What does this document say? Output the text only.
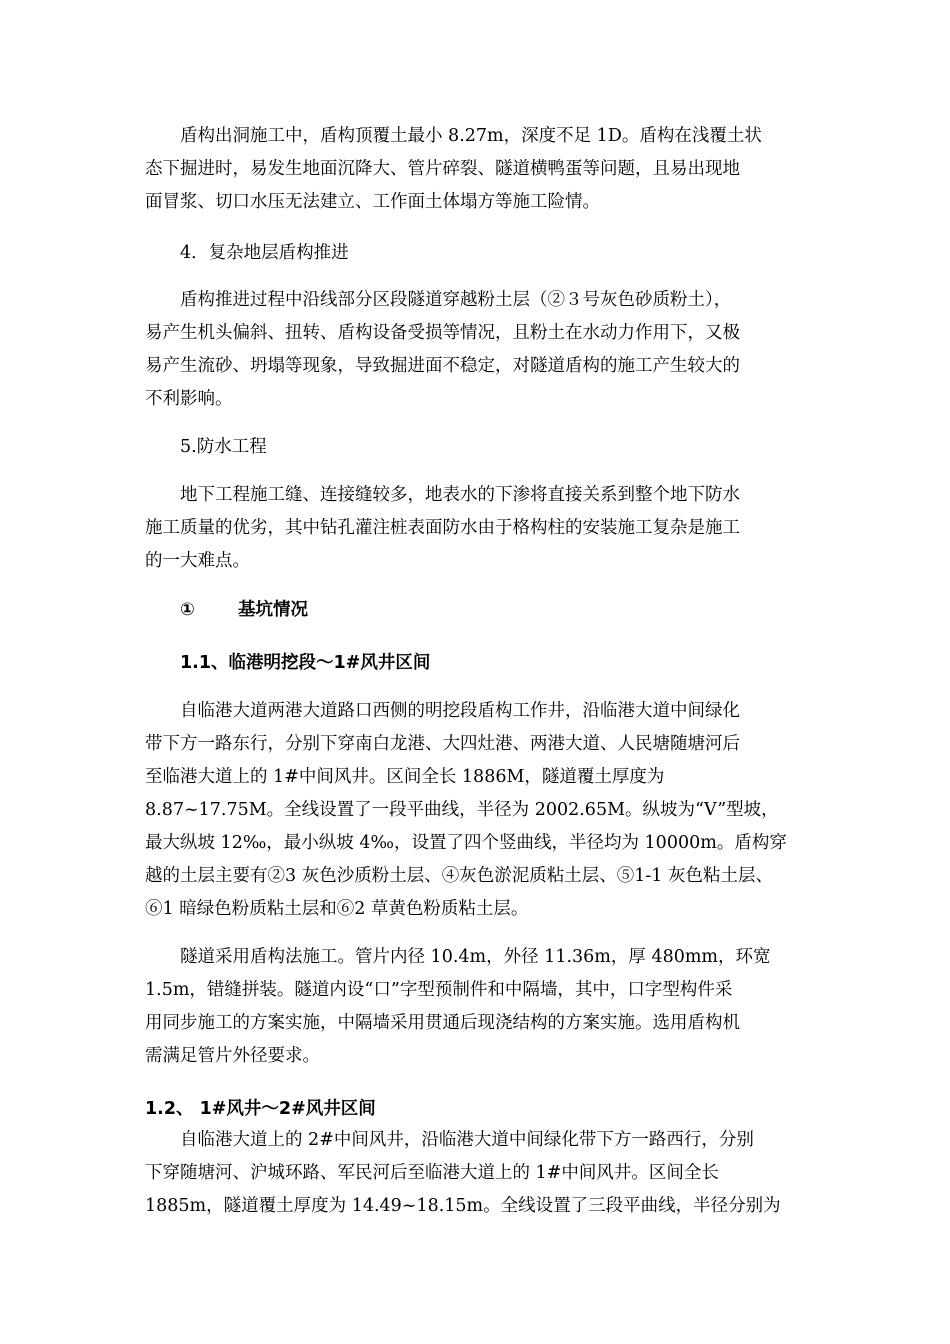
盾构出洞施工中，盾构顶覆土最小 8.27m，深度不足 1D。盾构在浅覆土状
态下掘进时，易发生地面沉降大、管片碎裂、隧道横鸭蛋等问题，且易出现地
面冒浆、切口水压无法建立、工作面土体塌方等施工险情。
4．复杂地层盾构推进
盾构推进过程中沿线部分区段隧道穿越粉土层（②３号灰色砂质粉土），
易产生机头偏斜、扭转、盾构设备受损等情况，且粉土在水动力作用下，又极
易产生流砂、坍塌等现象，导致掘进面不稳定，对隧道盾构的施工产生较大的
不利影响。
5.防水工程
地下工程施工缝、连接缝较多，地表水的下渗将直接关系到整个地下防水
施工质量的优劣，其中钻孔灌注桩表面防水由于格构柱的安装施工复杂是施工
的一大难点。
① 基坑情况
1.1、临港明挖段～1#风井区间
自临港大道两港大道路口西侧的明挖段盾构工作井，沿临港大道中间绿化
带下方一路东行，分别下穿南白龙港、大四灶港、两港大道、人民塘随塘河后
至临港大道上的 1#中间风井。区间全长 1886M，隧道覆土厚度为
8.87~17.75M。全线设置了一段平曲线，半径为 2002.65M。纵坡为“V”型坡，
最大纵坡 12‰，最小纵坡 4‰，设置了四个竖曲线，半径均为 10000m。盾构穿
越的土层主要有②3 灰色沙质粉土层、④灰色淤泥质粘土层、⑤1-1 灰色粘土层、
⑥1 暗绿色粉质粘土层和⑥2 草黄色粉质粘土层。
隧道采用盾构法施工。管片内径 10.4m，外径 11.36m，厚 480mm，环宽
1.5m，错缝拼装。隧道内设“口”字型预制件和中隔墙，其中，口字型构件采
用同步施工的方案实施，中隔墙采用贯通后现浇结构的方案实施。选用盾构机
需满足管片外径要求。
1.2、 1#风井～2#风井区间
自临港大道上的 2#中间风井，沿临港大道中间绿化带下方一路西行，分别
下穿随塘河、沪城环路、军民河后至临港大道上的 1#中间风井。区间全长
1885m，隧道覆土厚度为 14.49~18.15m。全线设置了三段平曲线，半径分别为
